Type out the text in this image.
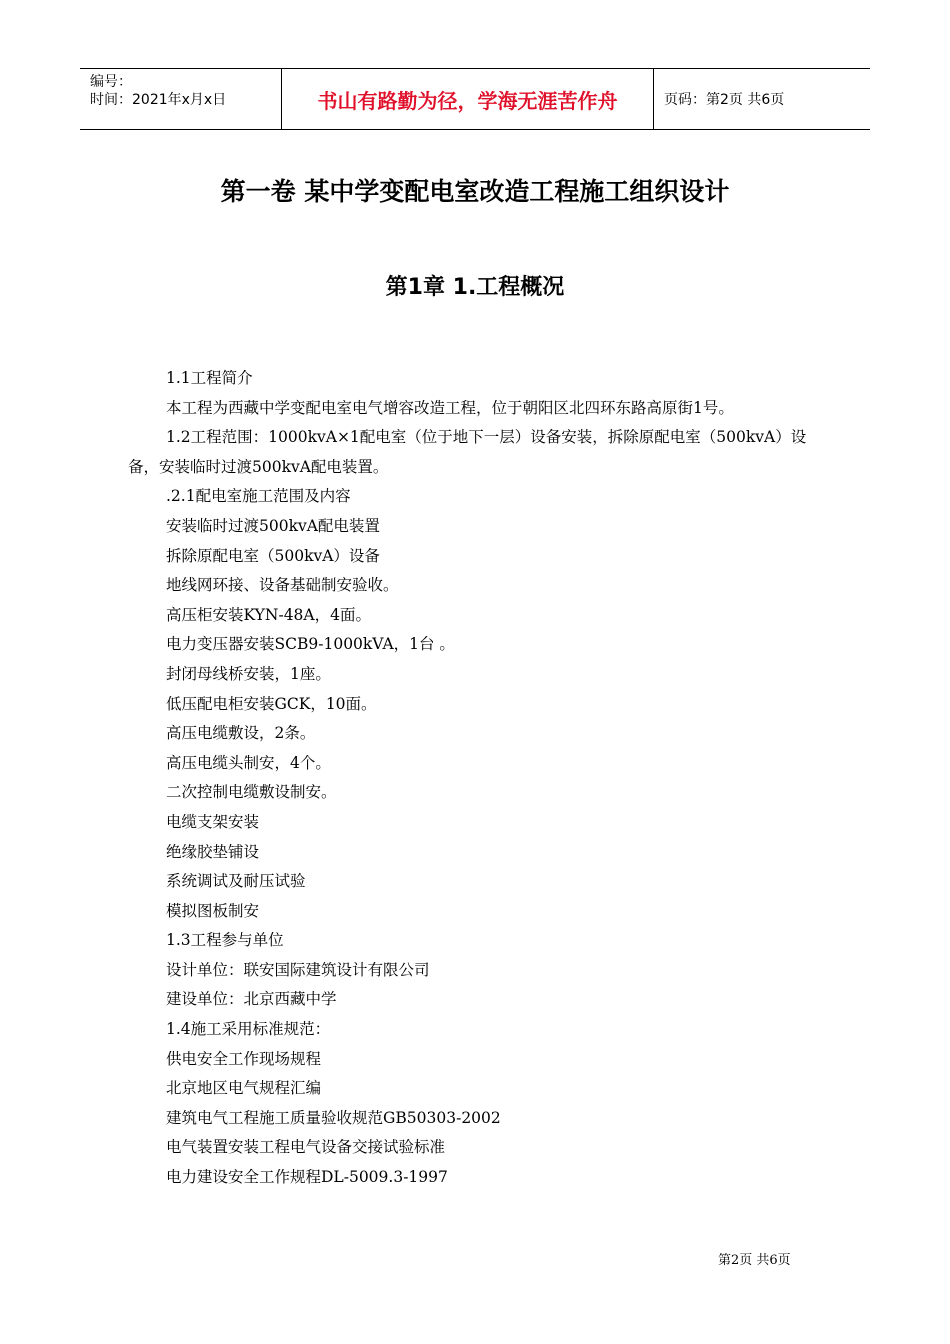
编号：
时间：2021年x月x日	书山有路勤为径，学海无涯苦作舟	页码：第2页 共6页
第一卷 某中学变配电室改造工程施工组织设计
第1章 1.工程概况
1.1工程简介
本工程为西藏中学变配电室电气增容改造工程，位于朝阳区北四环东路高原街1号。
1.2工程范围：1000kvA×1配电室（位于地下一层）设备安装，拆除原配电室（500kvA）设备，安装临时过渡500kvA配电装置。
.2.1配电室施工范围及内容
安装临时过渡500kvA配电装置
拆除原配电室（500kvA）设备
地线网环接、设备基础制安验收。
高压柜安装KYN-48A，4面。
电力变压器安装SCB9-1000kVA，1台 。
封闭母线桥安装，1座。
低压配电柜安装GCK，10面。
高压电缆敷设，2条。
高压电缆头制安，4个。
二次控制电缆敷设制安。
电缆支架安装
绝缘胶垫铺设
系统调试及耐压试验
模拟图板制安
1.3工程参与单位
设计单位：联安国际建筑设计有限公司
建设单位：北京西藏中学
1.4施工采用标准规范：
供电安全工作现场规程
北京地区电气规程汇编
建筑电气工程施工质量验收规范GB50303-2002
电气装置安装工程电气设备交接试验标准
电力建设安全工作规程DL-5009.3-1997
第2页 共6页
